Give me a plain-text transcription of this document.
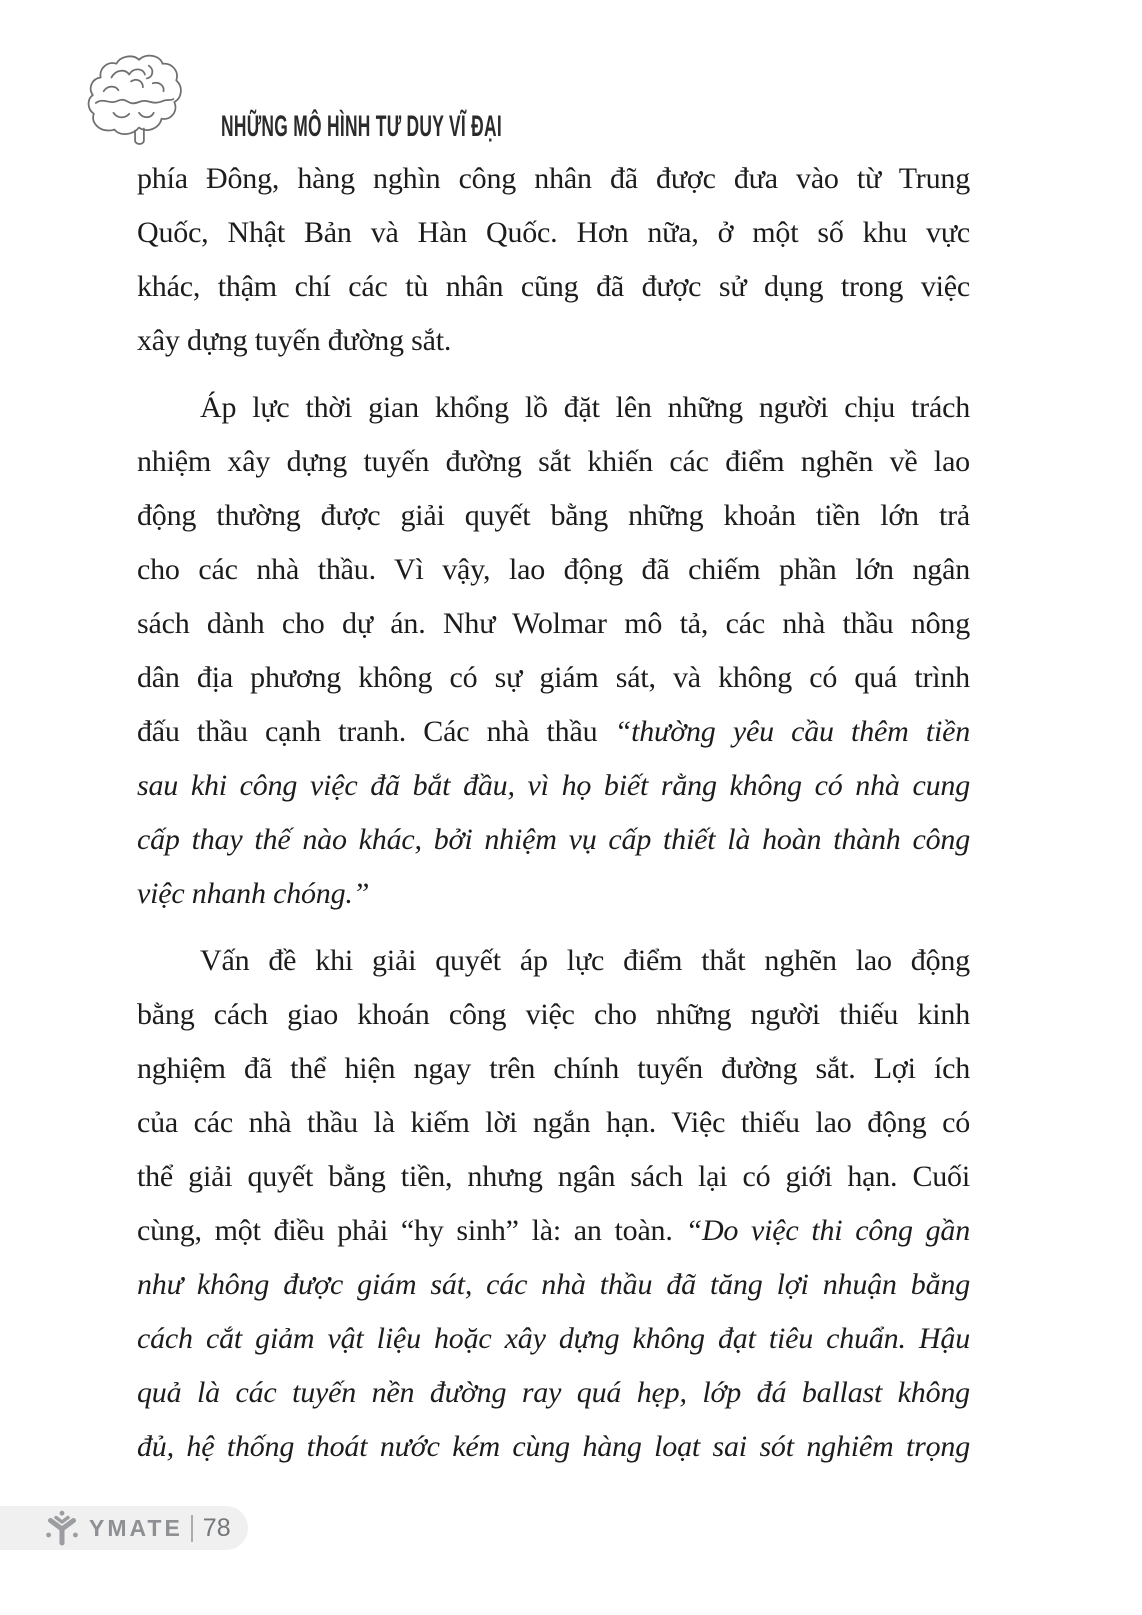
NHỮNG MÔ HÌNH TƯ DUY VĨ ĐẠI
phía Đông, hàng nghìn công nhân đã được đưa vào từ Trung
Quốc, Nhật Bản và Hàn Quốc. Hơn nữa, ở một số khu vực
khác, thậm chí các tù nhân cũng đã được sử dụng trong việc
xây dựng tuyến đường sắt.
Áp lực thời gian khổng lồ đặt lên những người chịu trách
nhiệm xây dựng tuyến đường sắt khiến các điểm nghẽn về lao
động thường được giải quyết bằng những khoản tiền lớn trả
cho các nhà thầu. Vì vậy, lao động đã chiếm phần lớn ngân
sách dành cho dự án. Như Wolmar mô tả, các nhà thầu nông
dân địa phương không có sự giám sát, và không có quá trình
đấu thầu cạnh tranh. Các nhà thầu “thường yêu cầu thêm tiền
sau khi công việc đã bắt đầu, vì họ biết rằng không có nhà cung
cấp thay thế nào khác, bởi nhiệm vụ cấp thiết là hoàn thành công
việc nhanh chóng.”
Vấn đề khi giải quyết áp lực điểm thắt nghẽn lao động
bằng cách giao khoán công việc cho những người thiếu kinh
nghiệm đã thể hiện ngay trên chính tuyến đường sắt. Lợi ích
của các nhà thầu là kiếm lời ngắn hạn. Việc thiếu lao động có
thể giải quyết bằng tiền, nhưng ngân sách lại có giới hạn. Cuối
cùng, một điều phải “hy sinh” là: an toàn. “Do việc thi công gần
như không được giám sát, các nhà thầu đã tăng lợi nhuận bằng
cách cắt giảm vật liệu hoặc xây dựng không đạt tiêu chuẩn. Hậu
quả là các tuyến nền đường ray quá hẹp, lớp đá ballast không
đủ, hệ thống thoát nước kém cùng hàng loạt sai sót nghiêm trọng
YMATE 78
